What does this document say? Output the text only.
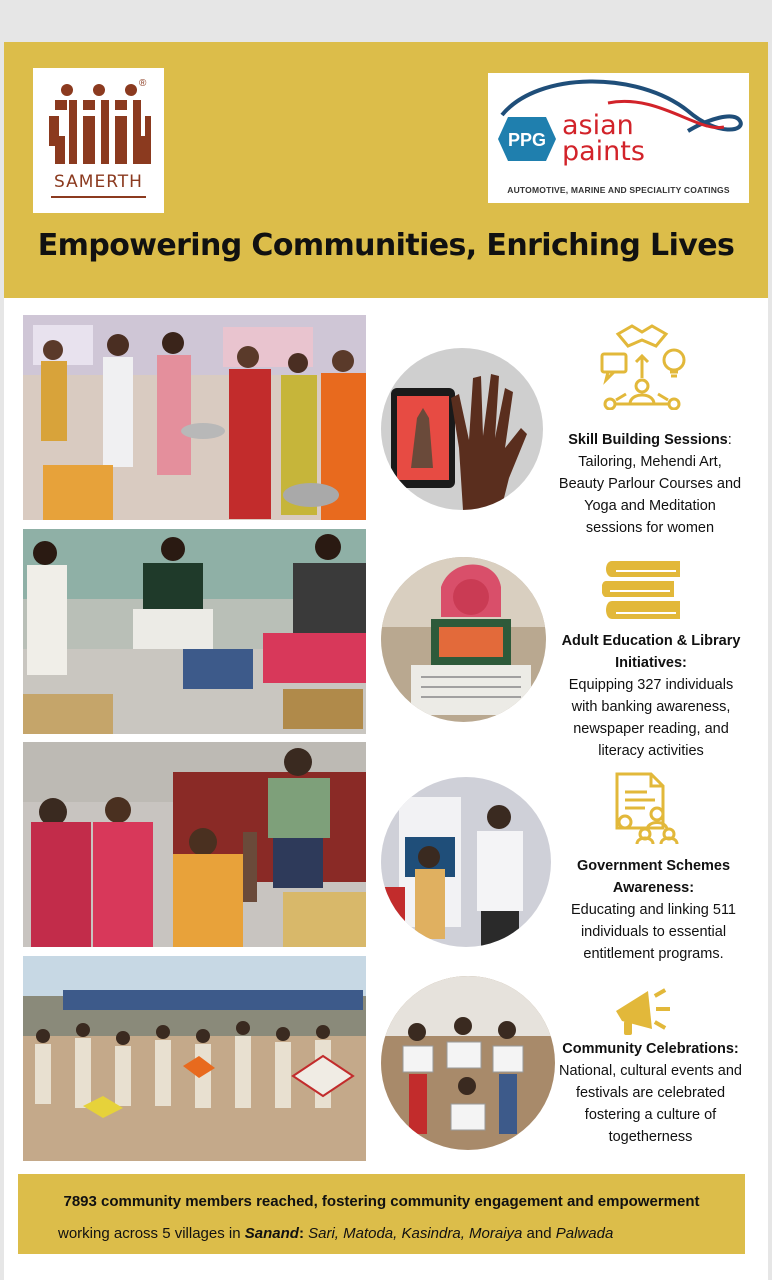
®
SAMERTH
PPG asian
paints
AUTOMOTIVE, MARINE AND SPECIALITY COATINGS
Empowering Communities, Enriching Lives
Skill Building Sessions:
Tailoring, Mehendi Art,
Beauty Parlour Courses and
Yoga and Meditation
sessions for women
Adult Education & Library
Initiatives:
Equipping 327 individuals
with banking awareness,
newspaper reading, and
literacy activities
Government Schemes
Awareness:
Educating and linking 511
individuals to essential
entitlement programs.
Community Celebrations:
National, cultural events and
festivals are celebrated
fostering a culture of
togetherness
7893 community members reached, fostering community engagement and empowerment
working across 5 villages in Sanand: Sari, Matoda, Kasindra, Moraiya and Palwada
